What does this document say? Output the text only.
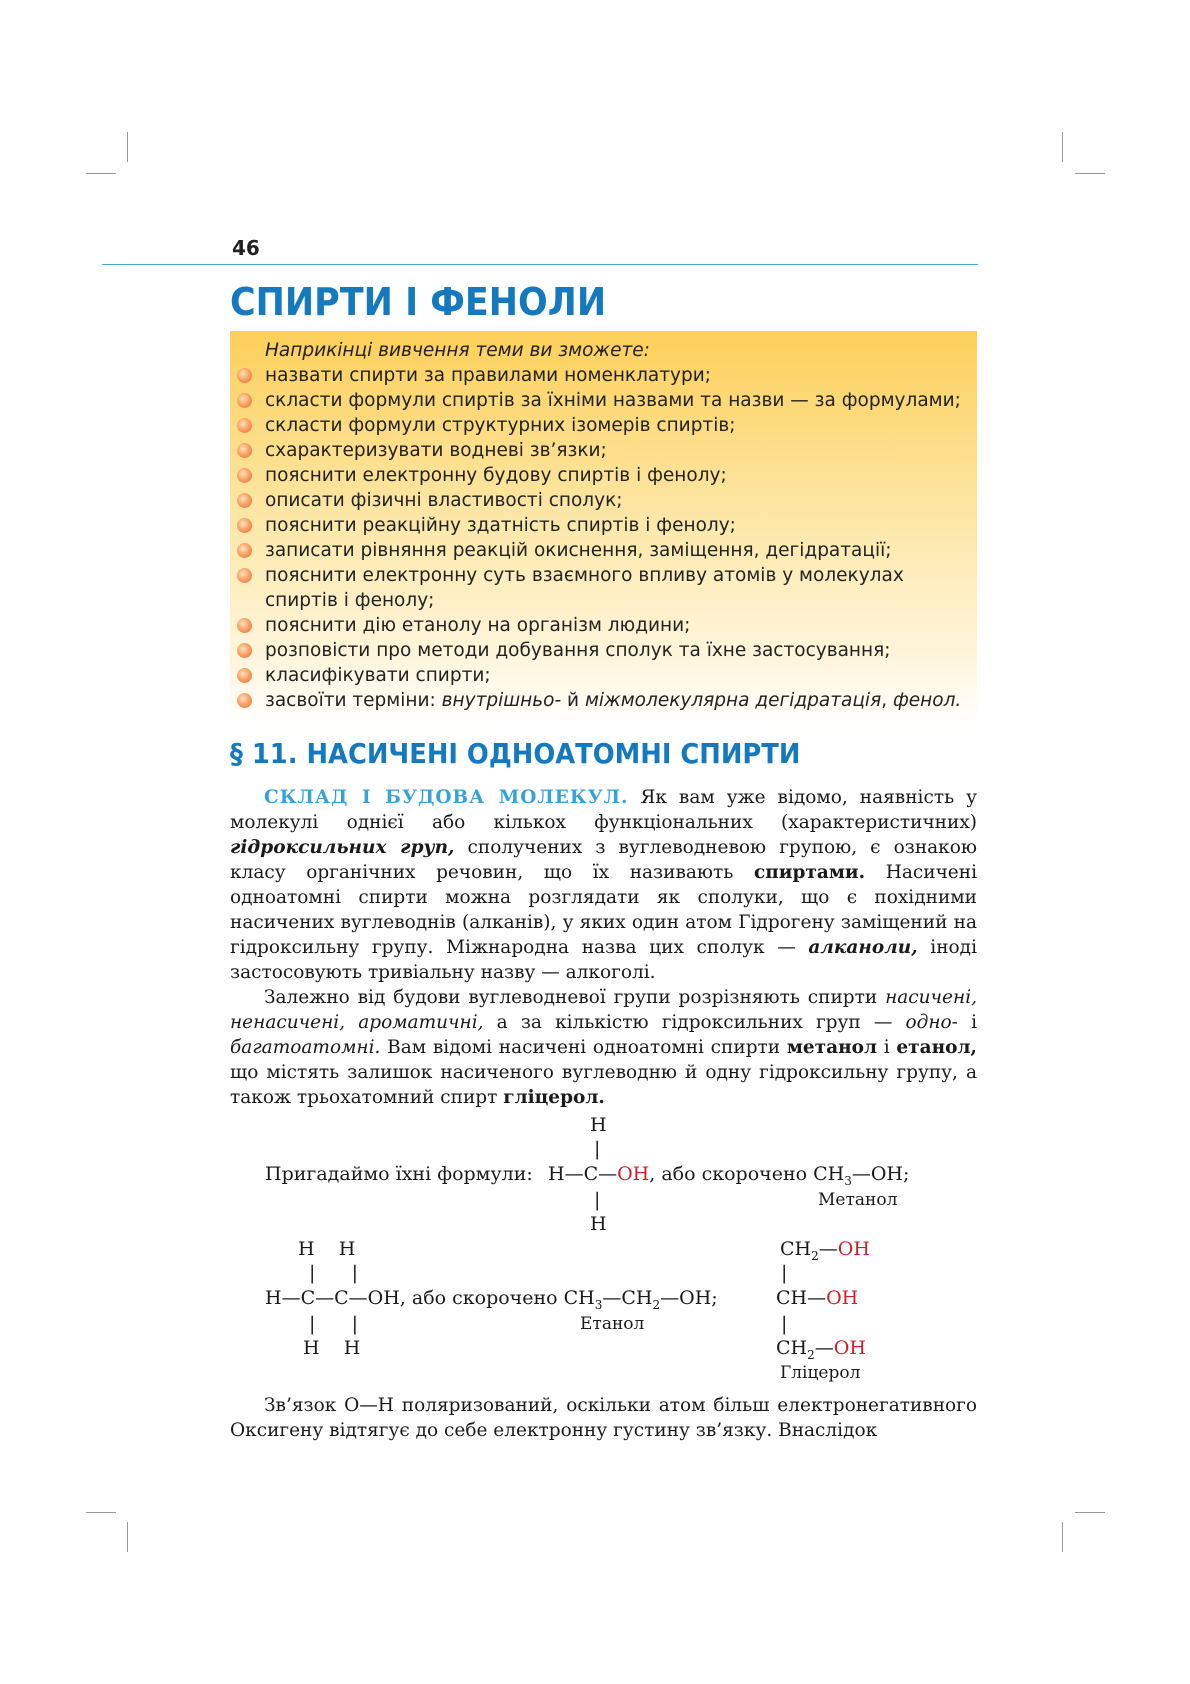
46
СПИРТИ І ФЕНОЛИ

Наприкінці вивчення теми ви зможете:

назвати спирти за правилами номенклатури;
скласти формули спиртів за їхніми назвами та назви — за формулами;
скласти формули структурних ізомерів спиртів;
схарактеризувати водневі зв’язки;
пояснити електронну будову спиртів і фенолу;
описати фізичні властивості сполук;
пояснити реакційну здатність спиртів і фенолу;
записати рівняння реакцій окиснення, заміщення, дегідратації;
пояснити електронну суть взаємного впливу атомів у молекулах спиртів і фенолу;
пояснити дію етанолу на організм людини;
розповісти про методи добування сполук та їхне застосування;
класифікувати спирти;
засвоїти терміни: внутрішньо- й міжмолекулярна дегідратація, фенол.
§ 11. НАСИЧЕНІ ОДНОАТОМНІ СПИРТИ

СКЛАД І БУДОВА МОЛЕКУЛ. Як вам уже відомо, наявність у молекулі однієї або кількох функціональних (характеристичних) гідроксильних груп, сполучених з вуглеводневою групою, є ознакою класу органічних речовин, що їх називають спиртами. Насичені одноатомні спирти можна розглядати як сполуки, що є похідними насичених вуглеводнів (алканів), у яких один атом Гідрогену заміщений на гідроксильну групу. Міжнародна назва цих сполук — алканоли, іноді застосовують тривіальну назву — алкоголі.

Залежно від будови вуглеводневої групи розрізняють спирти насичені, ненасичені, ароматичні, а за кількістю гідроксильних груп — одно- і багатоатомні. Вам відомі насичені одноатомні спирти метанол і етанол, що містять залишок насиченого вуглеводню й одну гідроксильну групу, а також трьохатомний спирт гліцерол.

H
|
Пригадаймо їхні формули: H—C—OH, або скорочено $CH_3—OH$;
Метанол
|
H
H    H
|      |
H—C—C—OH, або скорочено $CH_3—CH_2—OH$;
Етанол
|      |
H    H
$CH_2—OH$
|
CH—OH
|
$CH_2—OH$
Гліцерол

Зв’язок O—H поляризований, оскільки атом більш електронегативного Оксигену відтягує до себе електронну густину зв’язку. Внаслідок
